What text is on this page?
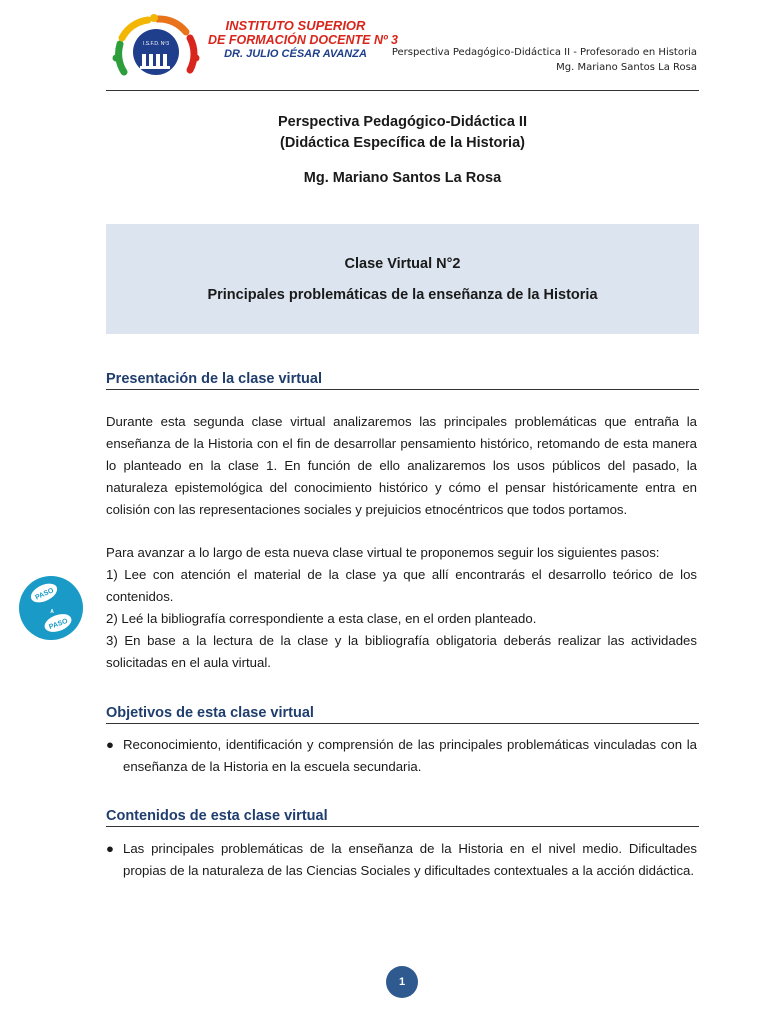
I.S.F.D. Nº3
INSTITUTO SUPERIOR
DE FORMACIÓN DOCENTE Nº 3
DR. JULIO CÉSAR AVANZA	Perspectiva Pedagógico-Didáctica II - Profesorado en Historia
Mg. Mariano Santos La Rosa
Perspectiva Pedagógico-Didáctica II
(Didáctica Específica de la Historia)
Mg. Mariano Santos La Rosa
Clase Virtual N°2
Principales problemáticas de la enseñanza de la Historia
Presentación de la clase virtual

Durante esta segunda clase virtual analizaremos las principales problemáticas que entraña la enseñanza de la Historia con el fin de desarrollar pensamiento histórico, retomando de esta manera lo planteado en la clase 1. En función de ello analizaremos los usos públicos del pasado, la naturaleza epistemológica del conocimiento histórico y cómo el pensar históricamente entra en colisión con las representaciones sociales y prejuicios etnocéntricos que todos portamos.

Para avanzar a lo largo de esta nueva clase virtual te proponemos seguir los siguientes pasos:

1) Lee con atención el material de la clase ya que allí encontrarás el desarrollo teórico de los contenidos.

2) Leé la bibliografía correspondiente a esta clase, en el orden planteado.

3) En base a la lectura de la clase y la bibliografía obligatoria deberás realizar las actividades solicitadas en el aula virtual.

PASO
A
PASO
Objetivos de esta clase virtual

● Reconocimiento, identificación y comprensión de las principales problemáticas vinculadas con la enseñanza de la Historia en la escuela secundaria.

Contenidos de esta clase virtual

● Las principales problemáticas de la enseñanza de la Historia en el nivel medio. Dificultades propias de la naturaleza de las Ciencias Sociales y dificultades contextuales a la acción didáctica.

1
